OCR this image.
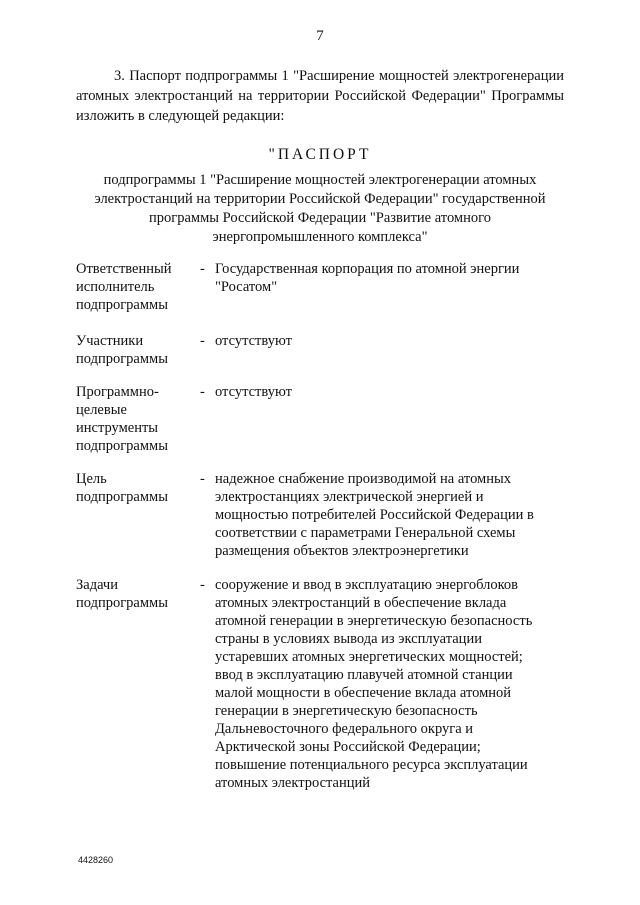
7
3. Паспорт подпрограммы 1 "Расширение мощностей электрогенерации атомных электростанций на территории Российской Федерации" Программы изложить в следующей редакции:
"ПАСПОРТ
подпрограммы 1 "Расширение мощностей электрогенерации атомных
электростанций на территории Российской Федерации" государственной
программы Российской Федерации "Развитие атомного
энергопромышленного комплекса"
Ответственный
исполнитель
подпрограммы
- Государственная корпорация по атомной энергии
"Росатом"
Участники
подпрограммы
- отсутствуют
Программно-
целевые
инструменты
подпрограммы
- отсутствуют
Цель
подпрограммы
- надежное снабжение производимой на атомных
электростанциях электрической энергией и
мощностью потребителей Российской Федерации в
соответствии с параметрами Генеральной схемы
размещения объектов электроэнергетики
Задачи
подпрограммы
- сооружение и ввод в эксплуатацию энергоблоков
атомных электростанций в обеспечение вклада
атомной генерации в энергетическую безопасность
страны в условиях вывода из эксплуатации
устаревших атомных энергетических мощностей;
ввод в эксплуатацию плавучей атомной станции
малой мощности в обеспечение вклада атомной
генерации в энергетическую безопасность
Дальневосточного федерального округа и
Арктической зоны Российской Федерации;
повышение потенциального ресурса эксплуатации
атомных электростанций
4428260
